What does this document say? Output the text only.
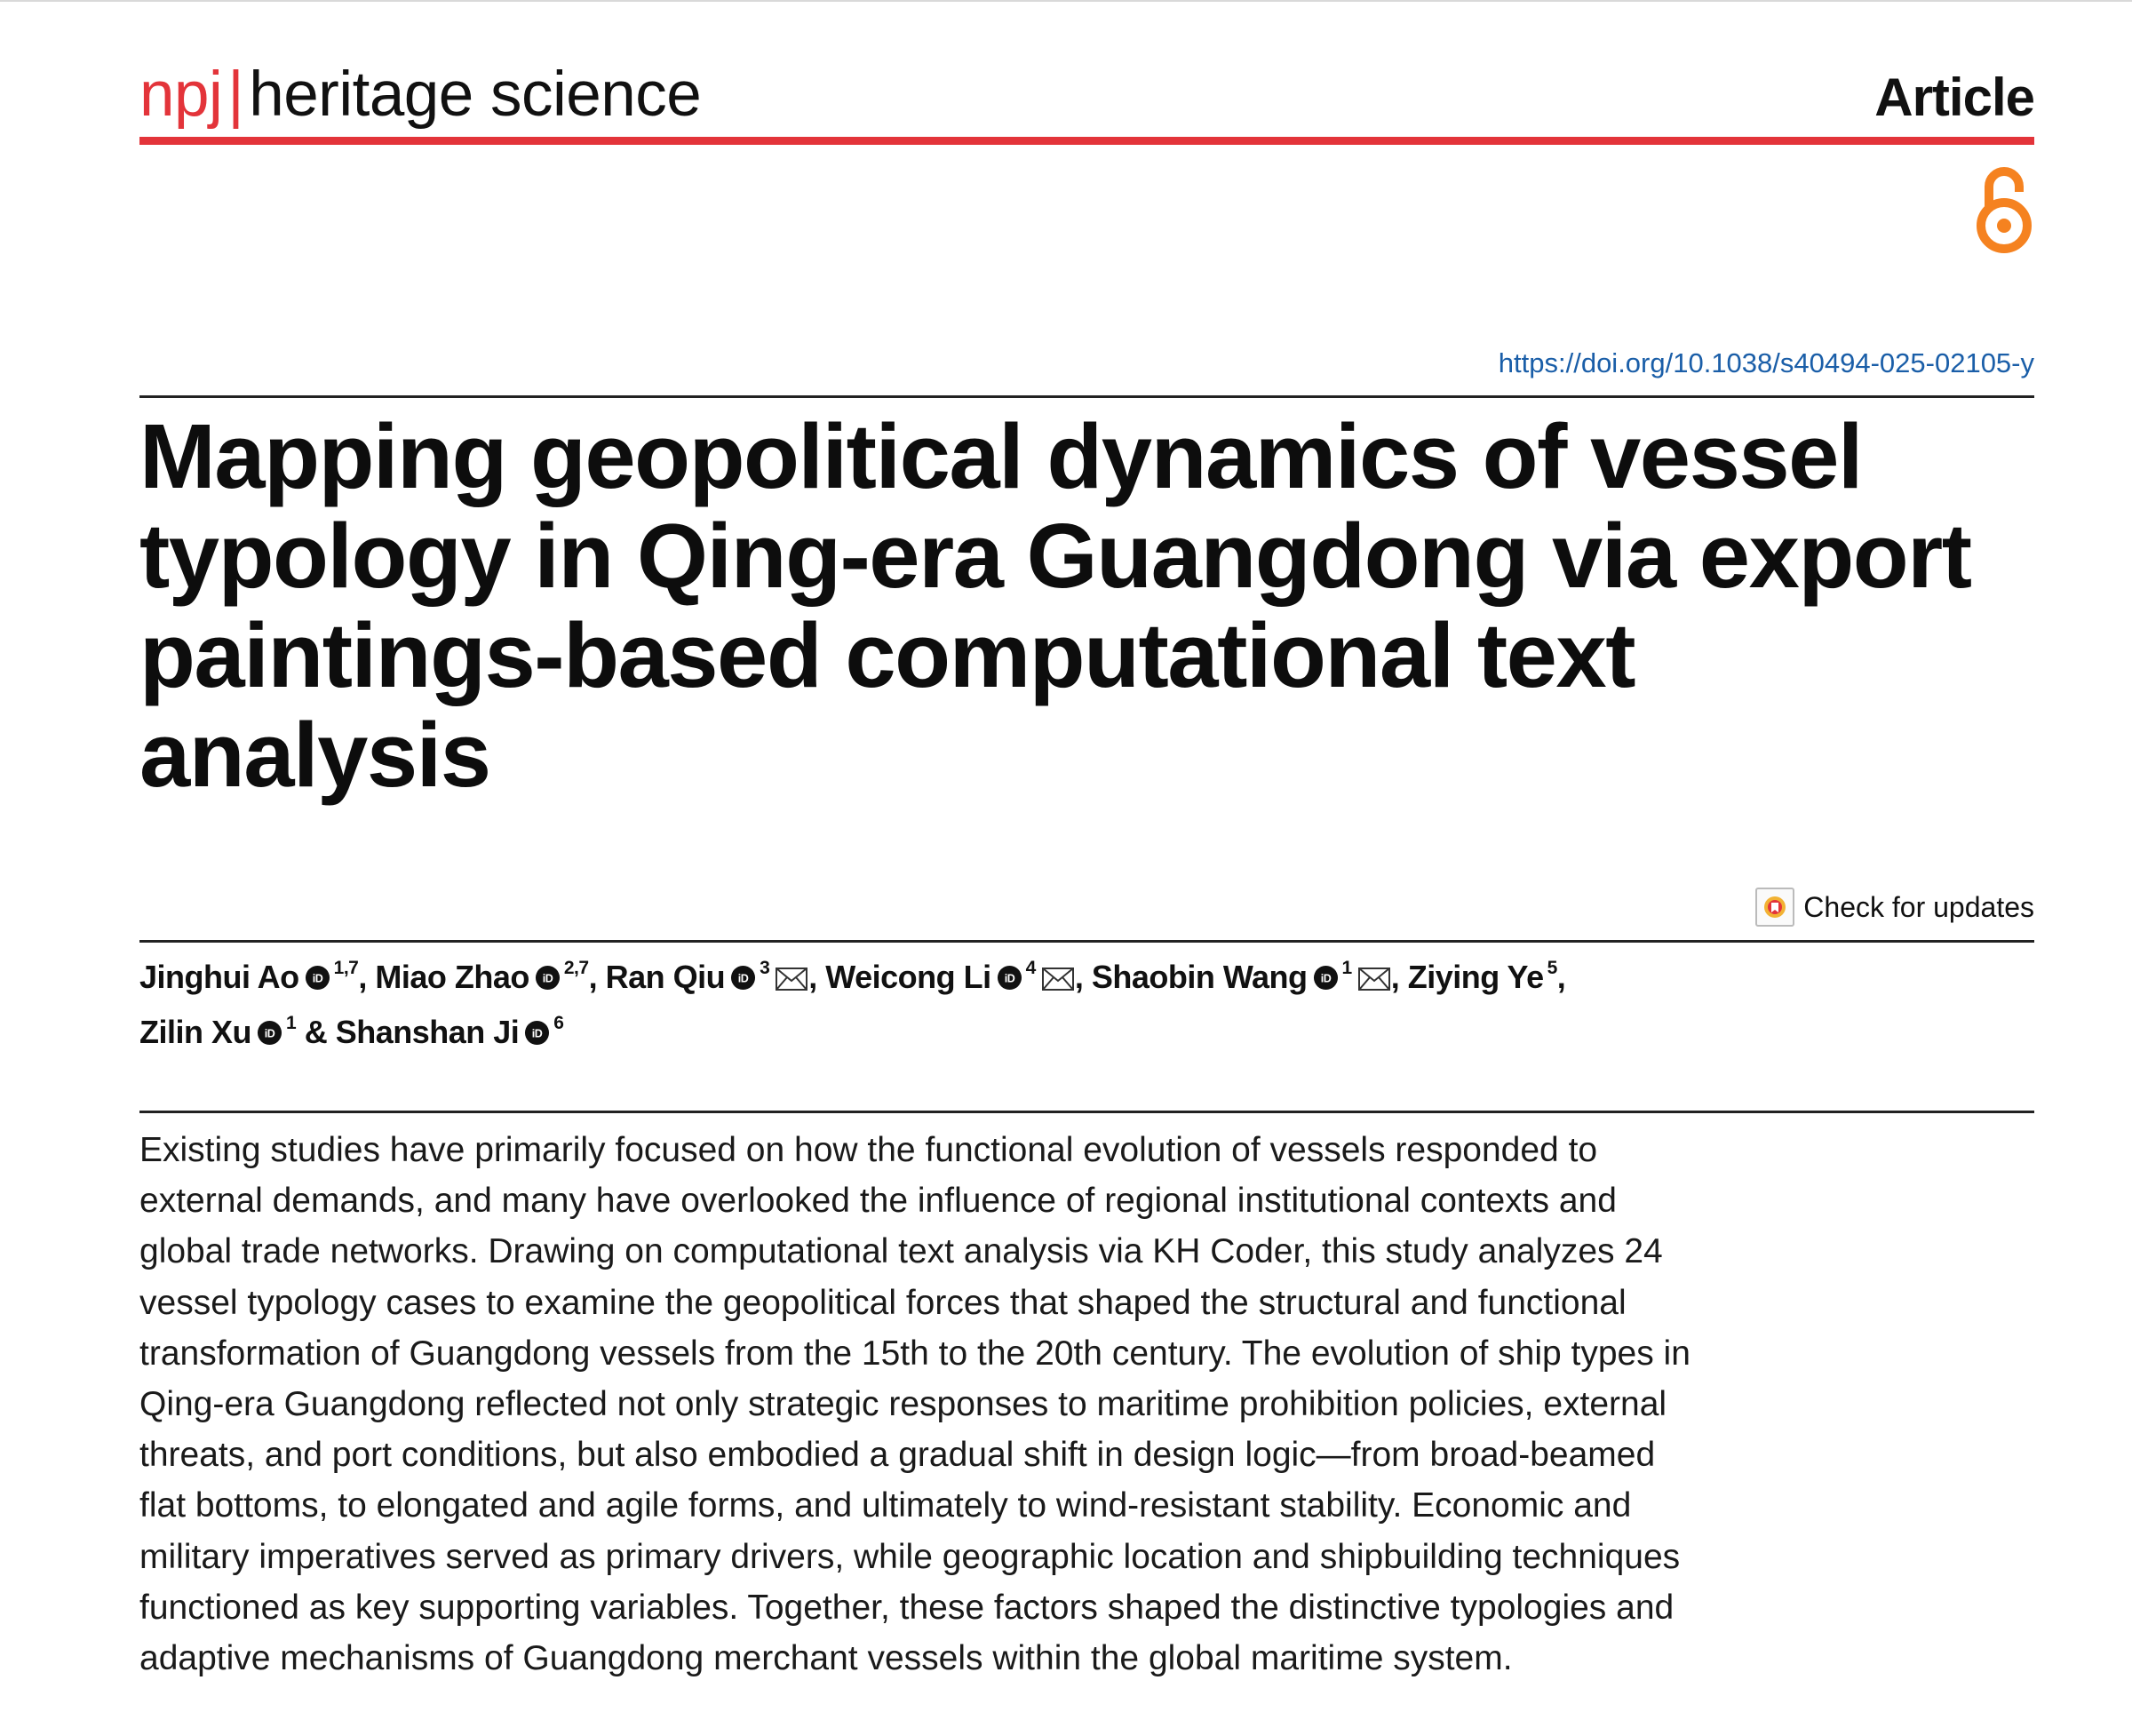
npj|heritage science	Article
https://doi.org/10.1038/s40494-025-02105-y
Mapping geopolitical dynamics of vessel
typology in Qing-era Guangdong via export
paintings-based computational text
analysis
Check for updates
Jinghui Ao iD
$^{1,7}$, Miao Zhao iD
$^{2,7}$, Ran Qiu iD
$^3$ , Weicong Li iD
$^4$ , Shaobin Wang iD
$^1$ , Ziying Ye $^5$,
Zilin Xu iD
$^1$ & Shanshan Ji iD
$^6$

Existing studies have primarily focused on how the functional evolution of vessels responded to
external demands, and many have overlooked the influence of regional institutional contexts and
global trade networks. Drawing on computational text analysis via KH Coder, this study analyzes 24
vessel typology cases to examine the geopolitical forces that shaped the structural and functional
transformation of Guangdong vessels from the 15th to the 20th century. The evolution of ship types in
Qing-era Guangdong reflected not only strategic responses to maritime prohibition policies, external
threats, and port conditions, but also embodied a gradual shift in design logic—from broad-beamed
flat bottoms, to elongated and agile forms, and ultimately to wind-resistant stability. Economic and
military imperatives served as primary drivers, while geographic location and shipbuilding techniques
functioned as key supporting variables. Together, these factors shaped the distinctive typologies and
adaptive mechanisms of Guangdong merchant vessels within the global maritime system.
